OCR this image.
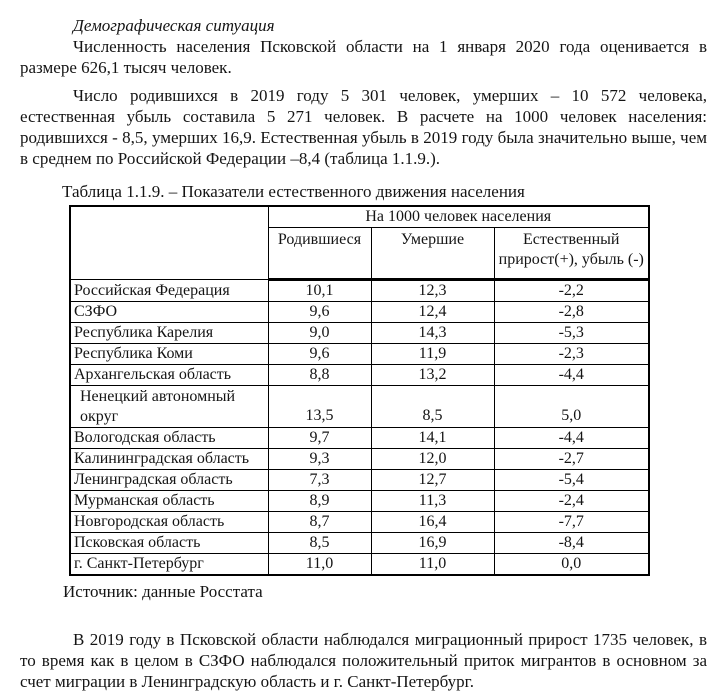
Демографическая ситуация

Численность населения Псковской области на 1 января 2020 года оценивается в размере 626,1 тысяч человек.

Число родившихся в 2019 году 5 301 человек, умерших – 10 572 человека, естественная убыль составила 5 271 человек. В расчете на 1000 человек населения: родившихся - 8,5, умерших 16,9. Естественная убыль в 2019 году была значительно выше, чем в среднем по Российской Федерации –8,4 (таблица 1.1.9.).

Таблица 1.1.9. – Показатели естественного движения населения

	На 1000 человек населения		
	Родившиеся	Умершие	Естественный прирост(+), убыль (-)
Российская Федерация	10,1	12,3	-2,2
СЗФО	9,6	12,4	-2,8
Республика Карелия	9,0	14,3	-5,3
Республика Коми	9,6	11,9	-2,3
Архангельская область	8,8	13,2	-4,4
Ненецкий автономный округ	13,5	8,5	5,0
Вологодская область	9,7	14,1	-4,4
Калининградская область	9,3	12,0	-2,7
Ленинградская область	7,3	12,7	-5,4
Мурманская область	8,9	11,3	-2,4
Новгородская область	8,7	16,4	-7,7
Псковская область	8,5	16,9	-8,4
г. Санкт-Петербург	11,0	11,0	0,0

Источник: данные Росстата

В 2019 году в Псковской области наблюдался миграционный прирост 1735 человек, в то время как в целом в СЗФО наблюдался положительный приток мигрантов в основном за счет миграции в Ленинградскую область и г. Санкт-Петербург.
